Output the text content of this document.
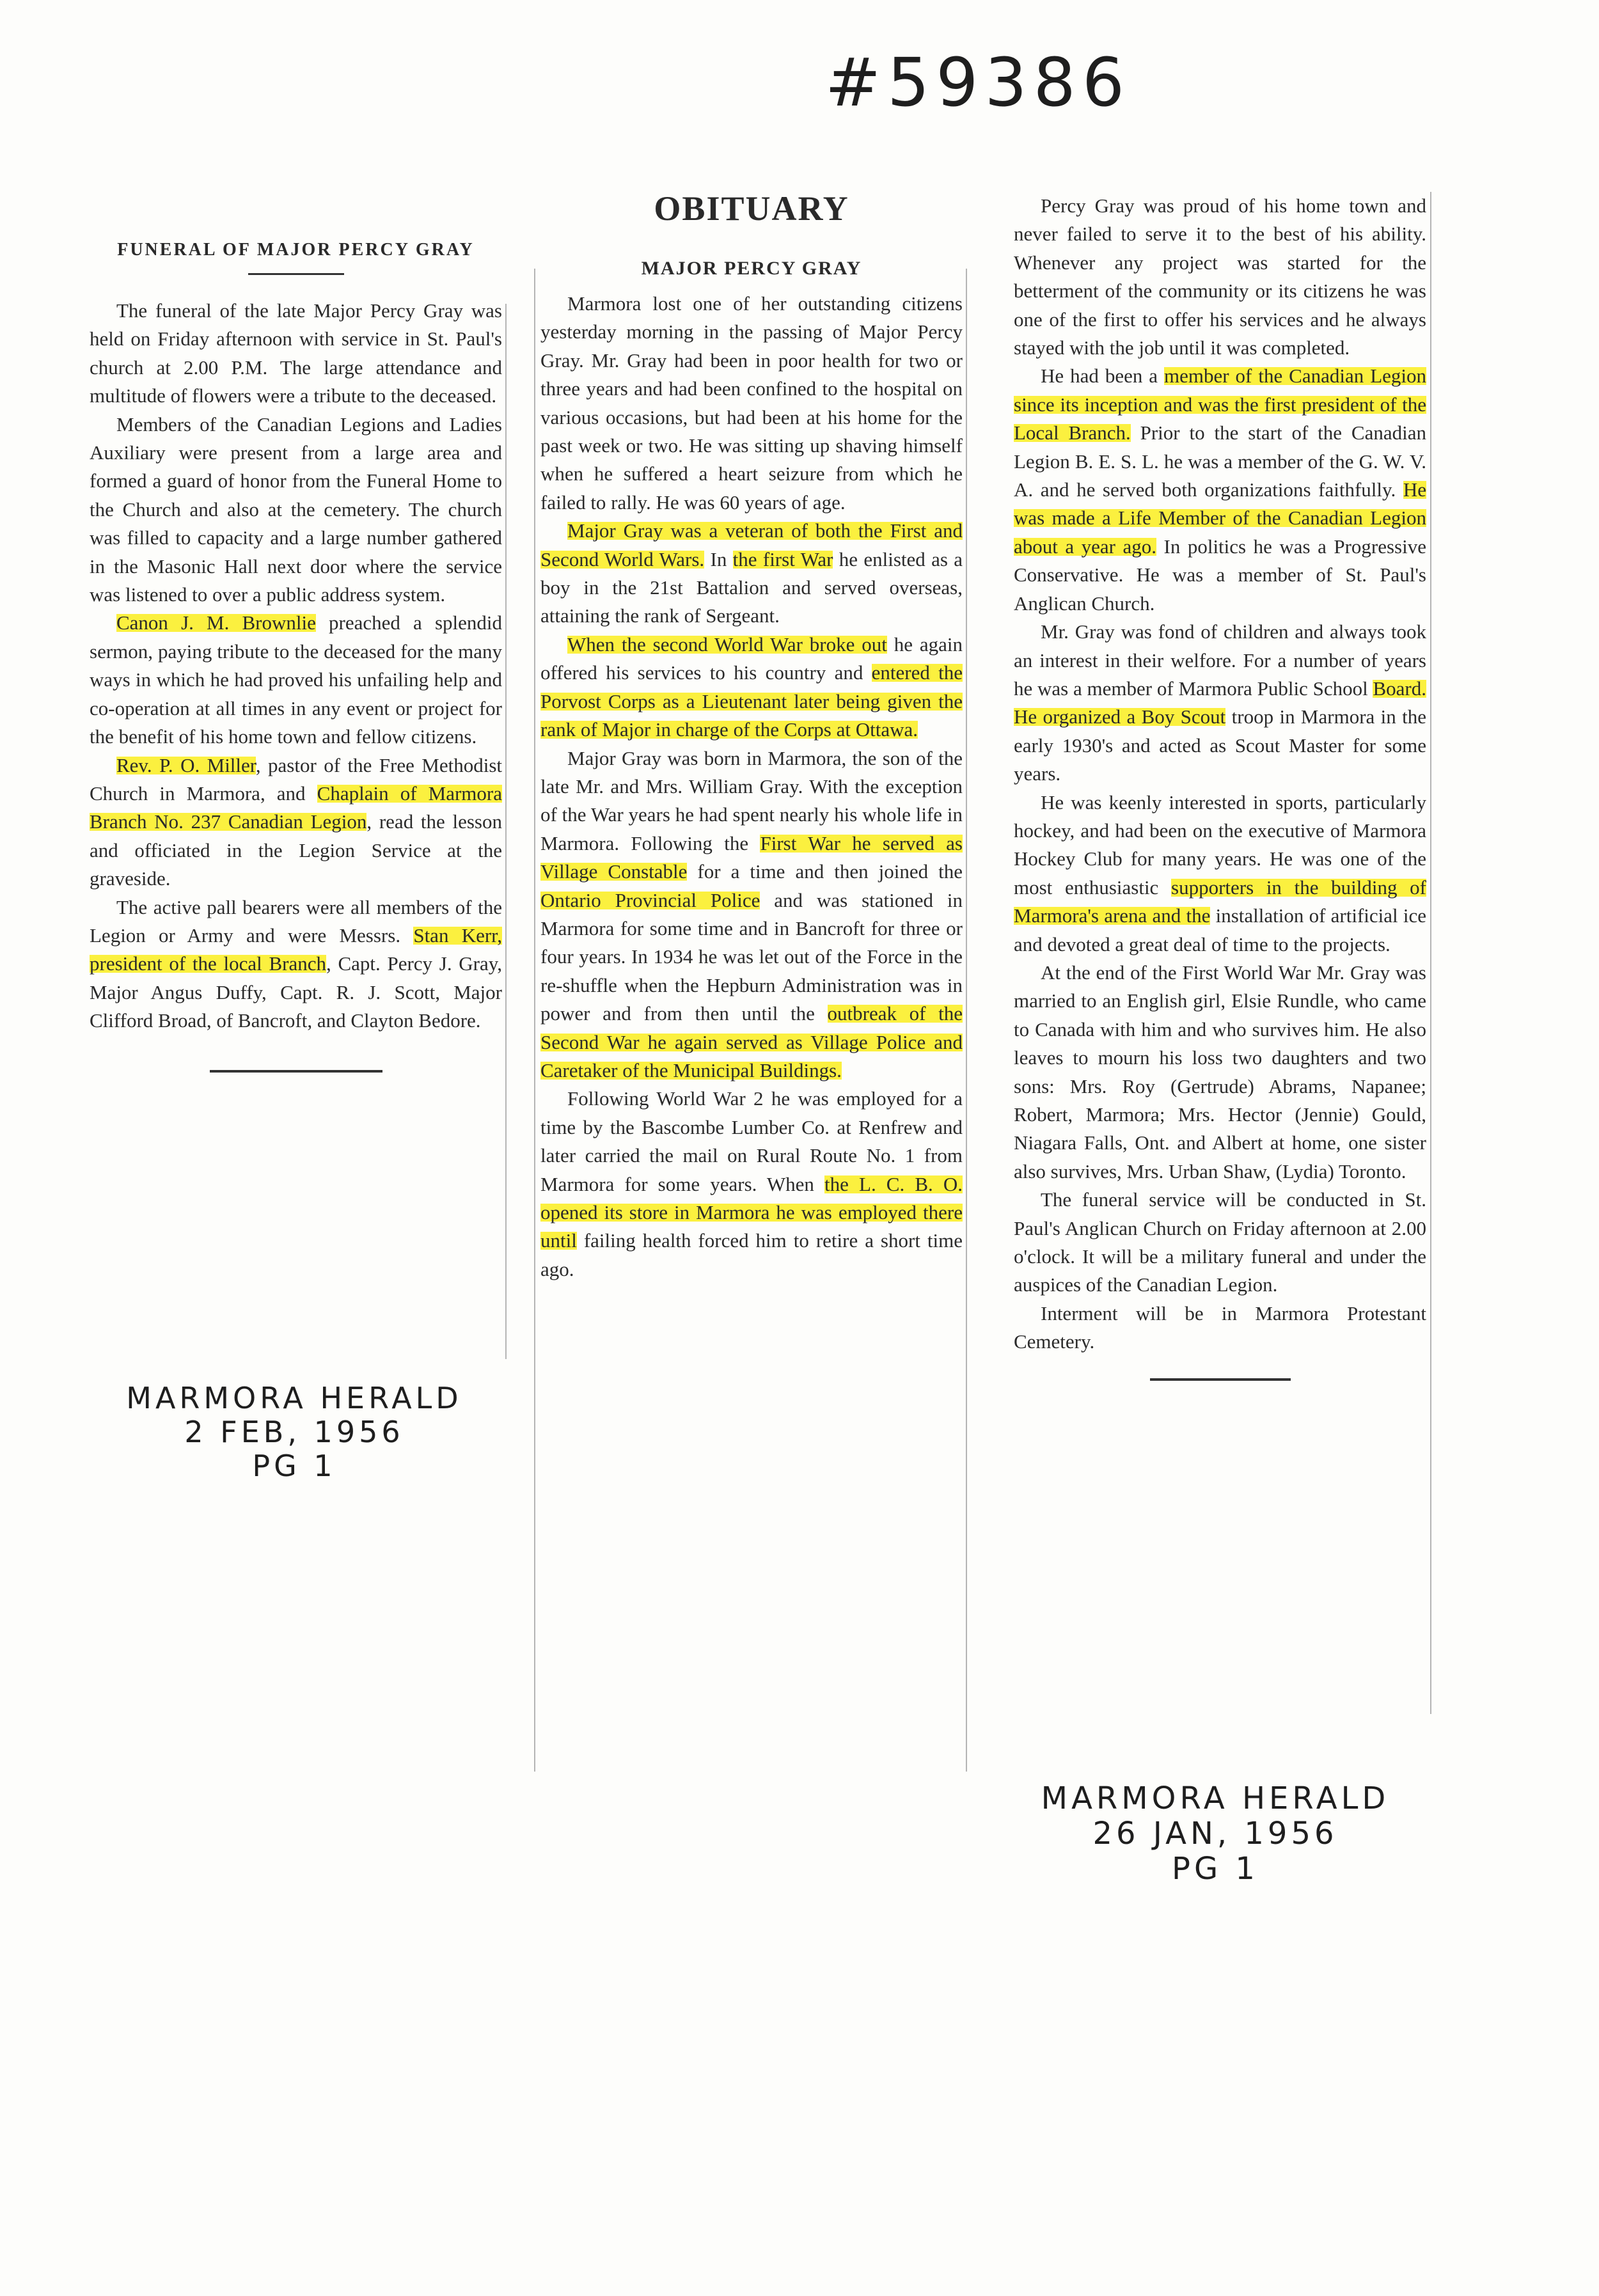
#59386
FUNERAL OF MAJOR PERCY GRAY

The funeral of the late Major Percy Gray was held on Friday afternoon with service in St. Paul's church at 2.00 P.M. The large attendance and multitude of flowers were a tribute to the deceased.

Members of the Canadian Legions and Ladies Auxiliary were present from a large area and formed a guard of honor from the Funeral Home to the Church and also at the cemetery. The church was filled to capacity and a large number gathered in the Masonic Hall next door where the service was listened to over a public address system.

Canon J. M. Brownlie preached a splendid sermon, paying tribute to the deceased for the many ways in which he had proved his unfailing help and co-operation at all times in any event or project for the benefit of his home town and fellow citizens.

Rev. P. O. Miller, pastor of the Free Methodist Church in Marmora, and Chaplain of Marmora Branch No. 237 Canadian Legion, read the lesson and officiated in the Legion Service at the graveside.

The active pall bearers were all members of the Legion or Army and were Messrs. Stan Kerr, president of the local Branch, Capt. Percy J. Gray, Major Angus Duffy, Capt. R. J. Scott, Major Clifford Broad, of Bancroft, and Clayton Bedore.

MARMORA HERALD
2 FEB, 1956
PG 1
OBITUARY
MAJOR PERCY GRAY

Marmora lost one of her outstanding citizens yesterday morning in the passing of Major Percy Gray. Mr. Gray had been in poor health for two or three years and had been confined to the hospital on various occasions, but had been at his home for the past week or two. He was sitting up shaving himself when he suffered a heart seizure from which he failed to rally. He was 60 years of age.

Major Gray was a veteran of both the First and Second World Wars. In the first War he enlisted as a boy in the 21st Battalion and served overseas, attaining the rank of Sergeant.

When the second World War broke out he again offered his services to his country and entered the Porvost Corps as a Lieutenant later being given the rank of Major in charge of the Corps at Ottawa.

Major Gray was born in Marmora, the son of the late Mr. and Mrs. William Gray. With the exception of the War years he had spent nearly his whole life in Marmora. Following the First War he served as Village Constable for a time and then joined the Ontario Provincial Police and was stationed in Marmora for some time and in Bancroft for three or four years. In 1934 he was let out of the Force in the re-shuffle when the Hepburn Administration was in power and from then until the outbreak of the Second War he again served as Village Police and Caretaker of the Municipal Buildings.

Following World War 2 he was employed for a time by the Bascombe Lumber Co. at Renfrew and later carried the mail on Rural Route No. 1 from Marmora for some years. When the L. C. B. O. opened its store in Marmora he was employed there until failing health forced him to retire a short time ago.

Percy Gray was proud of his home town and never failed to serve it to the best of his ability. Whenever any project was started for the betterment of the community or its citizens he was one of the first to offer his services and he always stayed with the job until it was completed.

He had been a member of the Canadian Legion since its inception and was the first president of the Local Branch. Prior to the start of the Canadian Legion B. E. S. L. he was a member of the G. W. V. A. and he served both organizations faithfully. He was made a Life Member of the Canadian Legion about a year ago. In politics he was a Progressive Conservative. He was a member of St. Paul's Anglican Church.

Mr. Gray was fond of children and always took an interest in their welfore. For a number of years he was a member of Marmora Public School Board. He organized a Boy Scout troop in Marmora in the early 1930's and acted as Scout Master for some years.

He was keenly interested in sports, particularly hockey, and had been on the executive of Marmora Hockey Club for many years. He was one of the most enthusiastic supporters in the building of Marmora's arena and the installation of artificial ice and devoted a great deal of time to the projects.

At the end of the First World War Mr. Gray was married to an English girl, Elsie Rundle, who came to Canada with him and who survives him. He also leaves to mourn his loss two daughters and two sons: Mrs. Roy (Gertrude) Abrams, Napanee; Robert, Marmora; Mrs. Hector (Jennie) Gould, Niagara Falls, Ont. and Albert at home, one sister also survives, Mrs. Urban Shaw, (Lydia) Toronto.

The funeral service will be conducted in St. Paul's Anglican Church on Friday afternoon at 2.00 o'clock. It will be a military funeral and under the auspices of the Canadian Legion.

Interment will be in Marmora Protestant Cemetery.

MARMORA HERALD
26 JAN, 1956
PG 1
